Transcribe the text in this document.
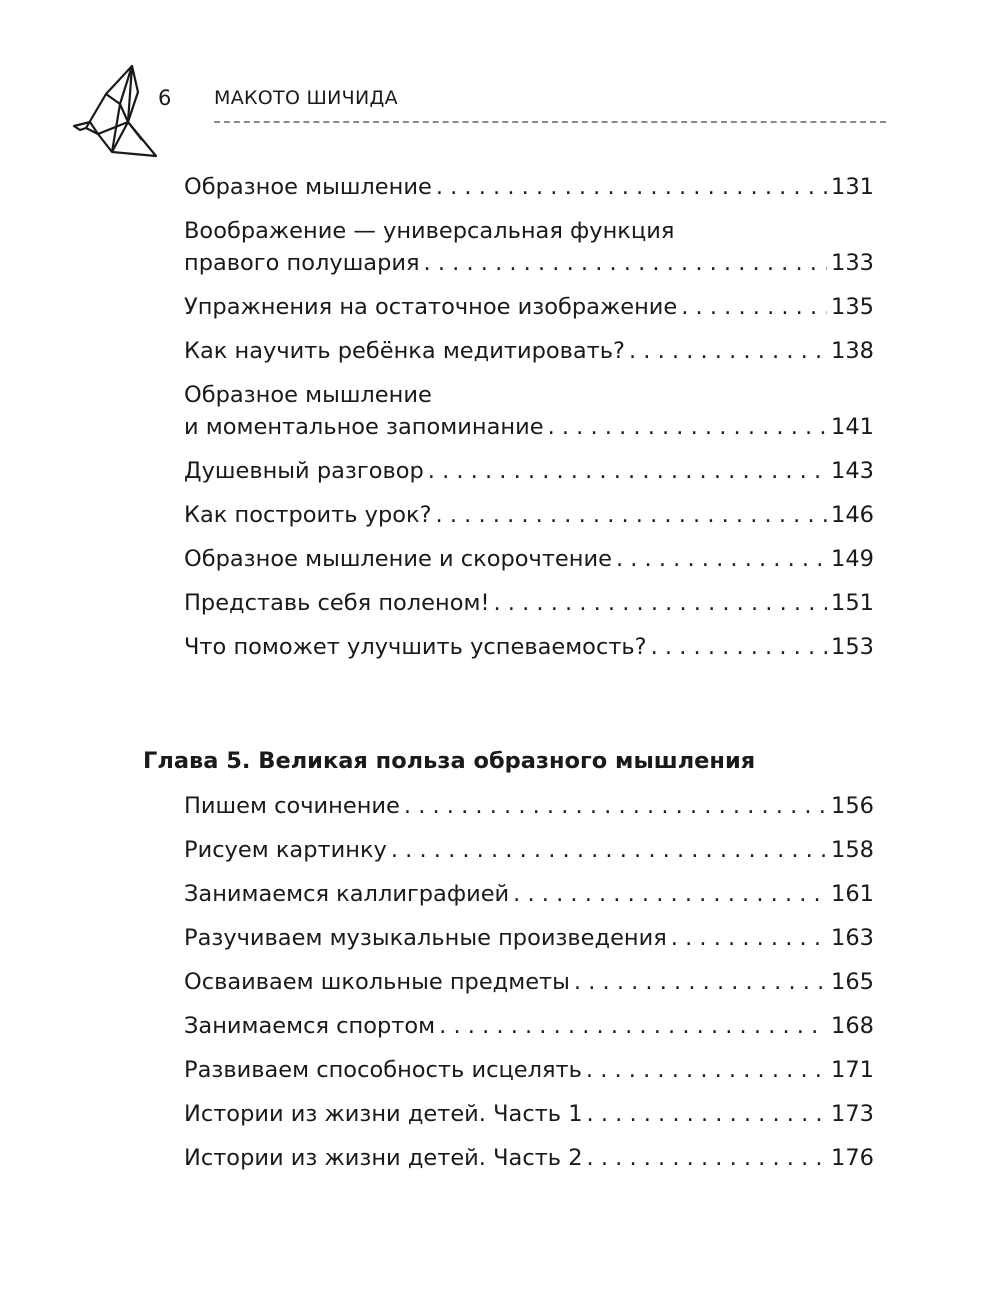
6 МАКОТО ШИЧИДА
Образное мышление . . .	131
Воображение — универсальная функция
правого полушария . . .	133
Упражнения на остаточное изображение . . .	135
Как научить ребёнка медитировать? . . .	138
Образное мышление
и моментальное запоминание . . .	141
Душевный разговор . . .	143
Как построить урок? . . .	146
Образное мышление и скорочтение . . .	149
Представь себя поленом! . . .	151
Что поможет улучшить успеваемость? . . .	153
Глава 5. Великая польза образного мышления
Пишем сочинение . . .	156
Рисуем картинку . . .	158
Занимаемся каллиграфией . . .	161
Разучиваем музыкальные произведения . . .	163
Осваиваем школьные предметы . . .	165
Занимаемся спортом . . .	168
Развиваем способность исцелять . . .	171
Истории из жизни детей. Часть 1 . . .	173
Истории из жизни детей. Часть 2 . . .	176
